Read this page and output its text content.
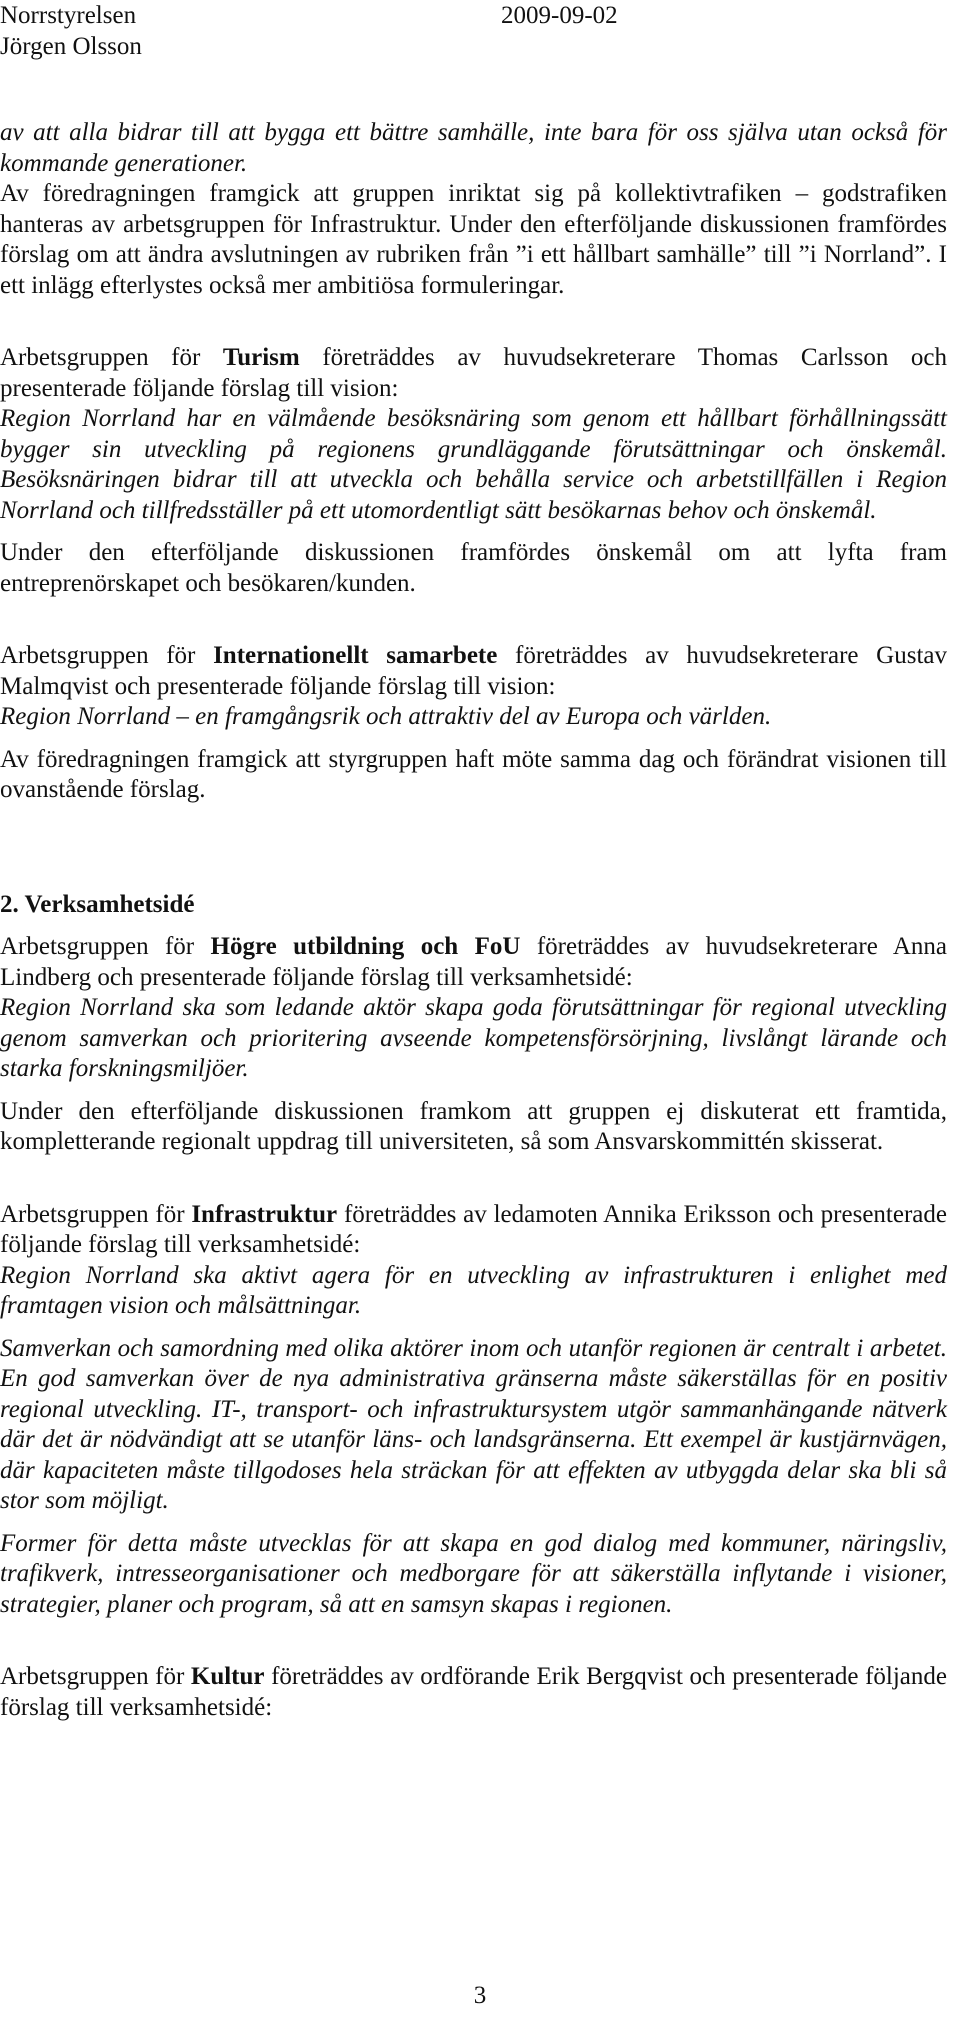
Norrstyrelsen
Jörgen Olsson
2009-09-02

av att alla bidrar till att bygga ett bättre samhälle, inte bara för oss själva utan också för kommande generationer.

Av föredragningen framgick att gruppen inriktat sig på kollektivtrafiken – godstrafiken hanteras av arbetsgruppen för Infrastruktur. Under den efterföljande diskussionen framfördes förslag om att ändra avslutningen av rubriken från ”i ett hållbart samhälle” till ”i Norrland”. I ett inlägg efterlystes också mer ambitiösa formuleringar.

Arbetsgruppen för Turism företräddes av huvudsekreterare Thomas Carlsson och presenterade följande förslag till vision:

Region Norrland har en välmående besöksnäring som genom ett hållbart förhållningssätt bygger sin utveckling på regionens grundläggande förutsättningar och önskemål. Besöksnäringen bidrar till att utveckla och behålla service och arbetstillfällen i Region Norrland och tillfredsställer på ett utomordentligt sätt besökarnas behov och önskemål.

Under den efterföljande diskussionen framfördes önskemål om att lyfta fram entreprenörskapet och besökaren/kunden.

Arbetsgruppen för Internationellt samarbete företräddes av huvudsekreterare Gustav Malmqvist och presenterade följande förslag till vision:

Region Norrland – en framgångsrik och attraktiv del av Europa och världen.

Av föredragningen framgick att styrgruppen haft möte samma dag och förändrat visionen till ovanstående förslag.

2. Verksamhetsidé

Arbetsgruppen för Högre utbildning och FoU företräddes av huvudsekreterare Anna Lindberg och presenterade följande förslag till verksamhetsidé:

Region Norrland ska som ledande aktör skapa goda förutsättningar för regional utveckling genom samverkan och prioritering avseende kompetensförsörjning, livslångt lärande och starka forskningsmiljöer.

Under den efterföljande diskussionen framkom att gruppen ej diskuterat ett framtida, kompletterande regionalt uppdrag till universiteten, så som Ansvarskommittén skisserat.

Arbetsgruppen för Infrastruktur företräddes av ledamoten Annika Eriksson och presenterade följande förslag till verksamhetsidé:

Region Norrland ska aktivt agera för en utveckling av infrastrukturen i enlighet med framtagen vision och målsättningar.

Samverkan och samordning med olika aktörer inom och utanför regionen är centralt i arbetet. En god samverkan över de nya administrativa gränserna måste säkerställas för en positiv regional utveckling. IT-, transport- och infrastruktursystem utgör sammanhängande nätverk där det är nödvändigt att se utanför läns- och landsgränserna. Ett exempel är kustjärnvägen, där kapaciteten måste tillgodoses hela sträckan för att effekten av utbyggda delar ska bli så stor som möjligt.

Former för detta måste utvecklas för att skapa en god dialog med kommuner, näringsliv, trafikverk, intresseorganisationer och medborgare för att säkerställa inflytande i visioner, strategier, planer och program, så att en samsyn skapas i regionen.

Arbetsgruppen för Kultur företräddes av ordförande Erik Bergqvist och presenterade följande förslag till verksamhetsidé:

3
